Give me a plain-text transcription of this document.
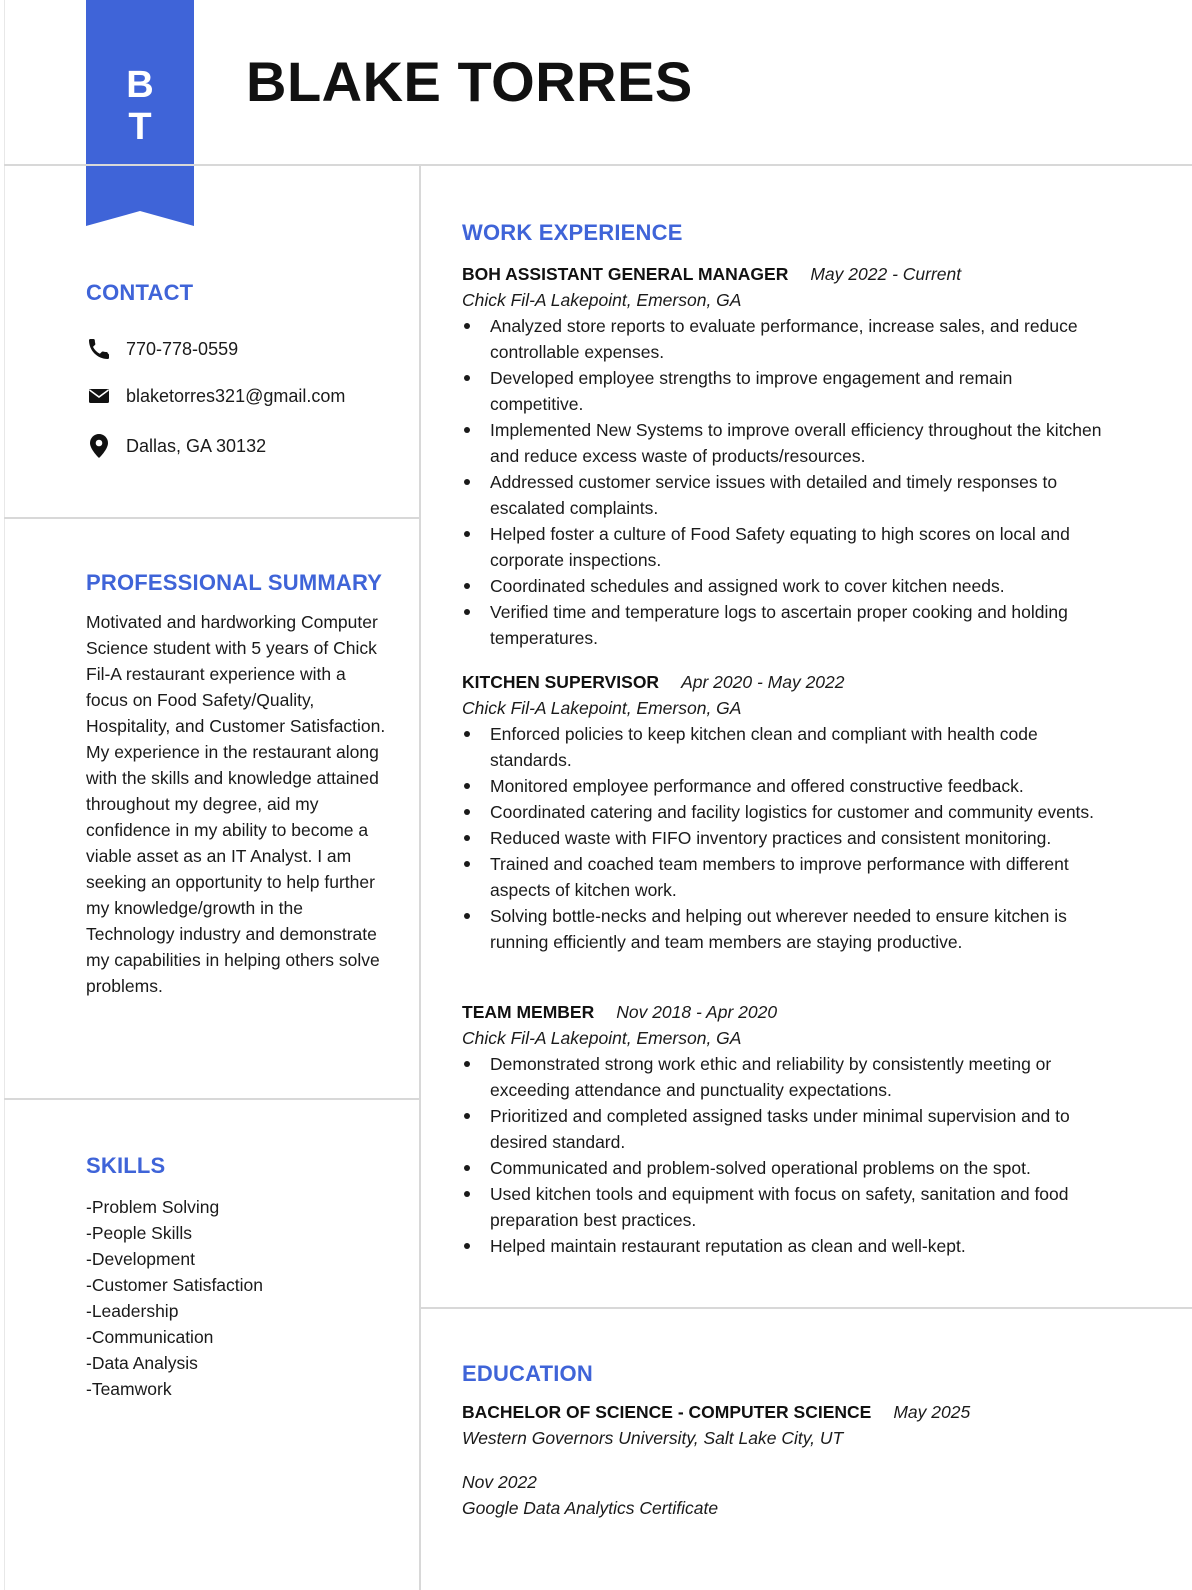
B
T
BLAKE TORRES
CONTACT
770-778-0559
blaketorres321@gmail.com
Dallas, GA 30132
PROFESSIONAL SUMMARY

Motivated and hardworking Computer Science student with 5 years of Chick Fil-A restaurant experience with a focus on Food Safety/Quality, Hospitality, and Customer Satisfaction. My experience in the restaurant along with the skills and knowledge attained throughout my degree, aid my confidence in my ability to become a viable asset as an IT Analyst. I am seeking an opportunity to help further my knowledge/growth in the Technology industry and demonstrate my capabilities in helping others solve problems.

SKILLS
-Problem Solving
-People Skills
-Development
-Customer Satisfaction
-Leadership
-Communication
-Data Analysis
-Teamwork
WORK EXPERIENCE
BOH ASSISTANT GENERAL MANAGER May 2022 - Current
Chick Fil-A Lakepoint, Emerson, GA
Analyzed store reports to evaluate performance, increase sales, and reduce controllable expenses.
Developed employee strengths to improve engagement and remain competitive.
Implemented New Systems to improve overall efficiency throughout the kitchen and reduce excess waste of products/resources.
Addressed customer service issues with detailed and timely responses to escalated complaints.
Helped foster a culture of Food Safety equating to high scores on local and corporate inspections.
Coordinated schedules and assigned work to cover kitchen needs.
Verified time and temperature logs to ascertain proper cooking and holding temperatures.
KITCHEN SUPERVISOR Apr 2020 - May 2022
Chick Fil-A Lakepoint, Emerson, GA
Enforced policies to keep kitchen clean and compliant with health code standards.
Monitored employee performance and offered constructive feedback.
Coordinated catering and facility logistics for customer and community events.
Reduced waste with FIFO inventory practices and consistent monitoring.
Trained and coached team members to improve performance with different aspects of kitchen work.
Solving bottle-necks and helping out wherever needed to ensure kitchen is running efficiently and team members are staying productive.
TEAM MEMBER Nov 2018 - Apr 2020
Chick Fil-A Lakepoint, Emerson, GA
Demonstrated strong work ethic and reliability by consistently meeting or exceeding attendance and punctuality expectations.
Prioritized and completed assigned tasks under minimal supervision and to desired standard.
Communicated and problem-solved operational problems on the spot.
Used kitchen tools and equipment with focus on safety, sanitation and food preparation best practices.
Helped maintain restaurant reputation as clean and well-kept.
EDUCATION
BACHELOR OF SCIENCE - COMPUTER SCIENCE May 2025
Western Governors University, Salt Lake City, UT
Nov 2022
Google Data Analytics Certificate
